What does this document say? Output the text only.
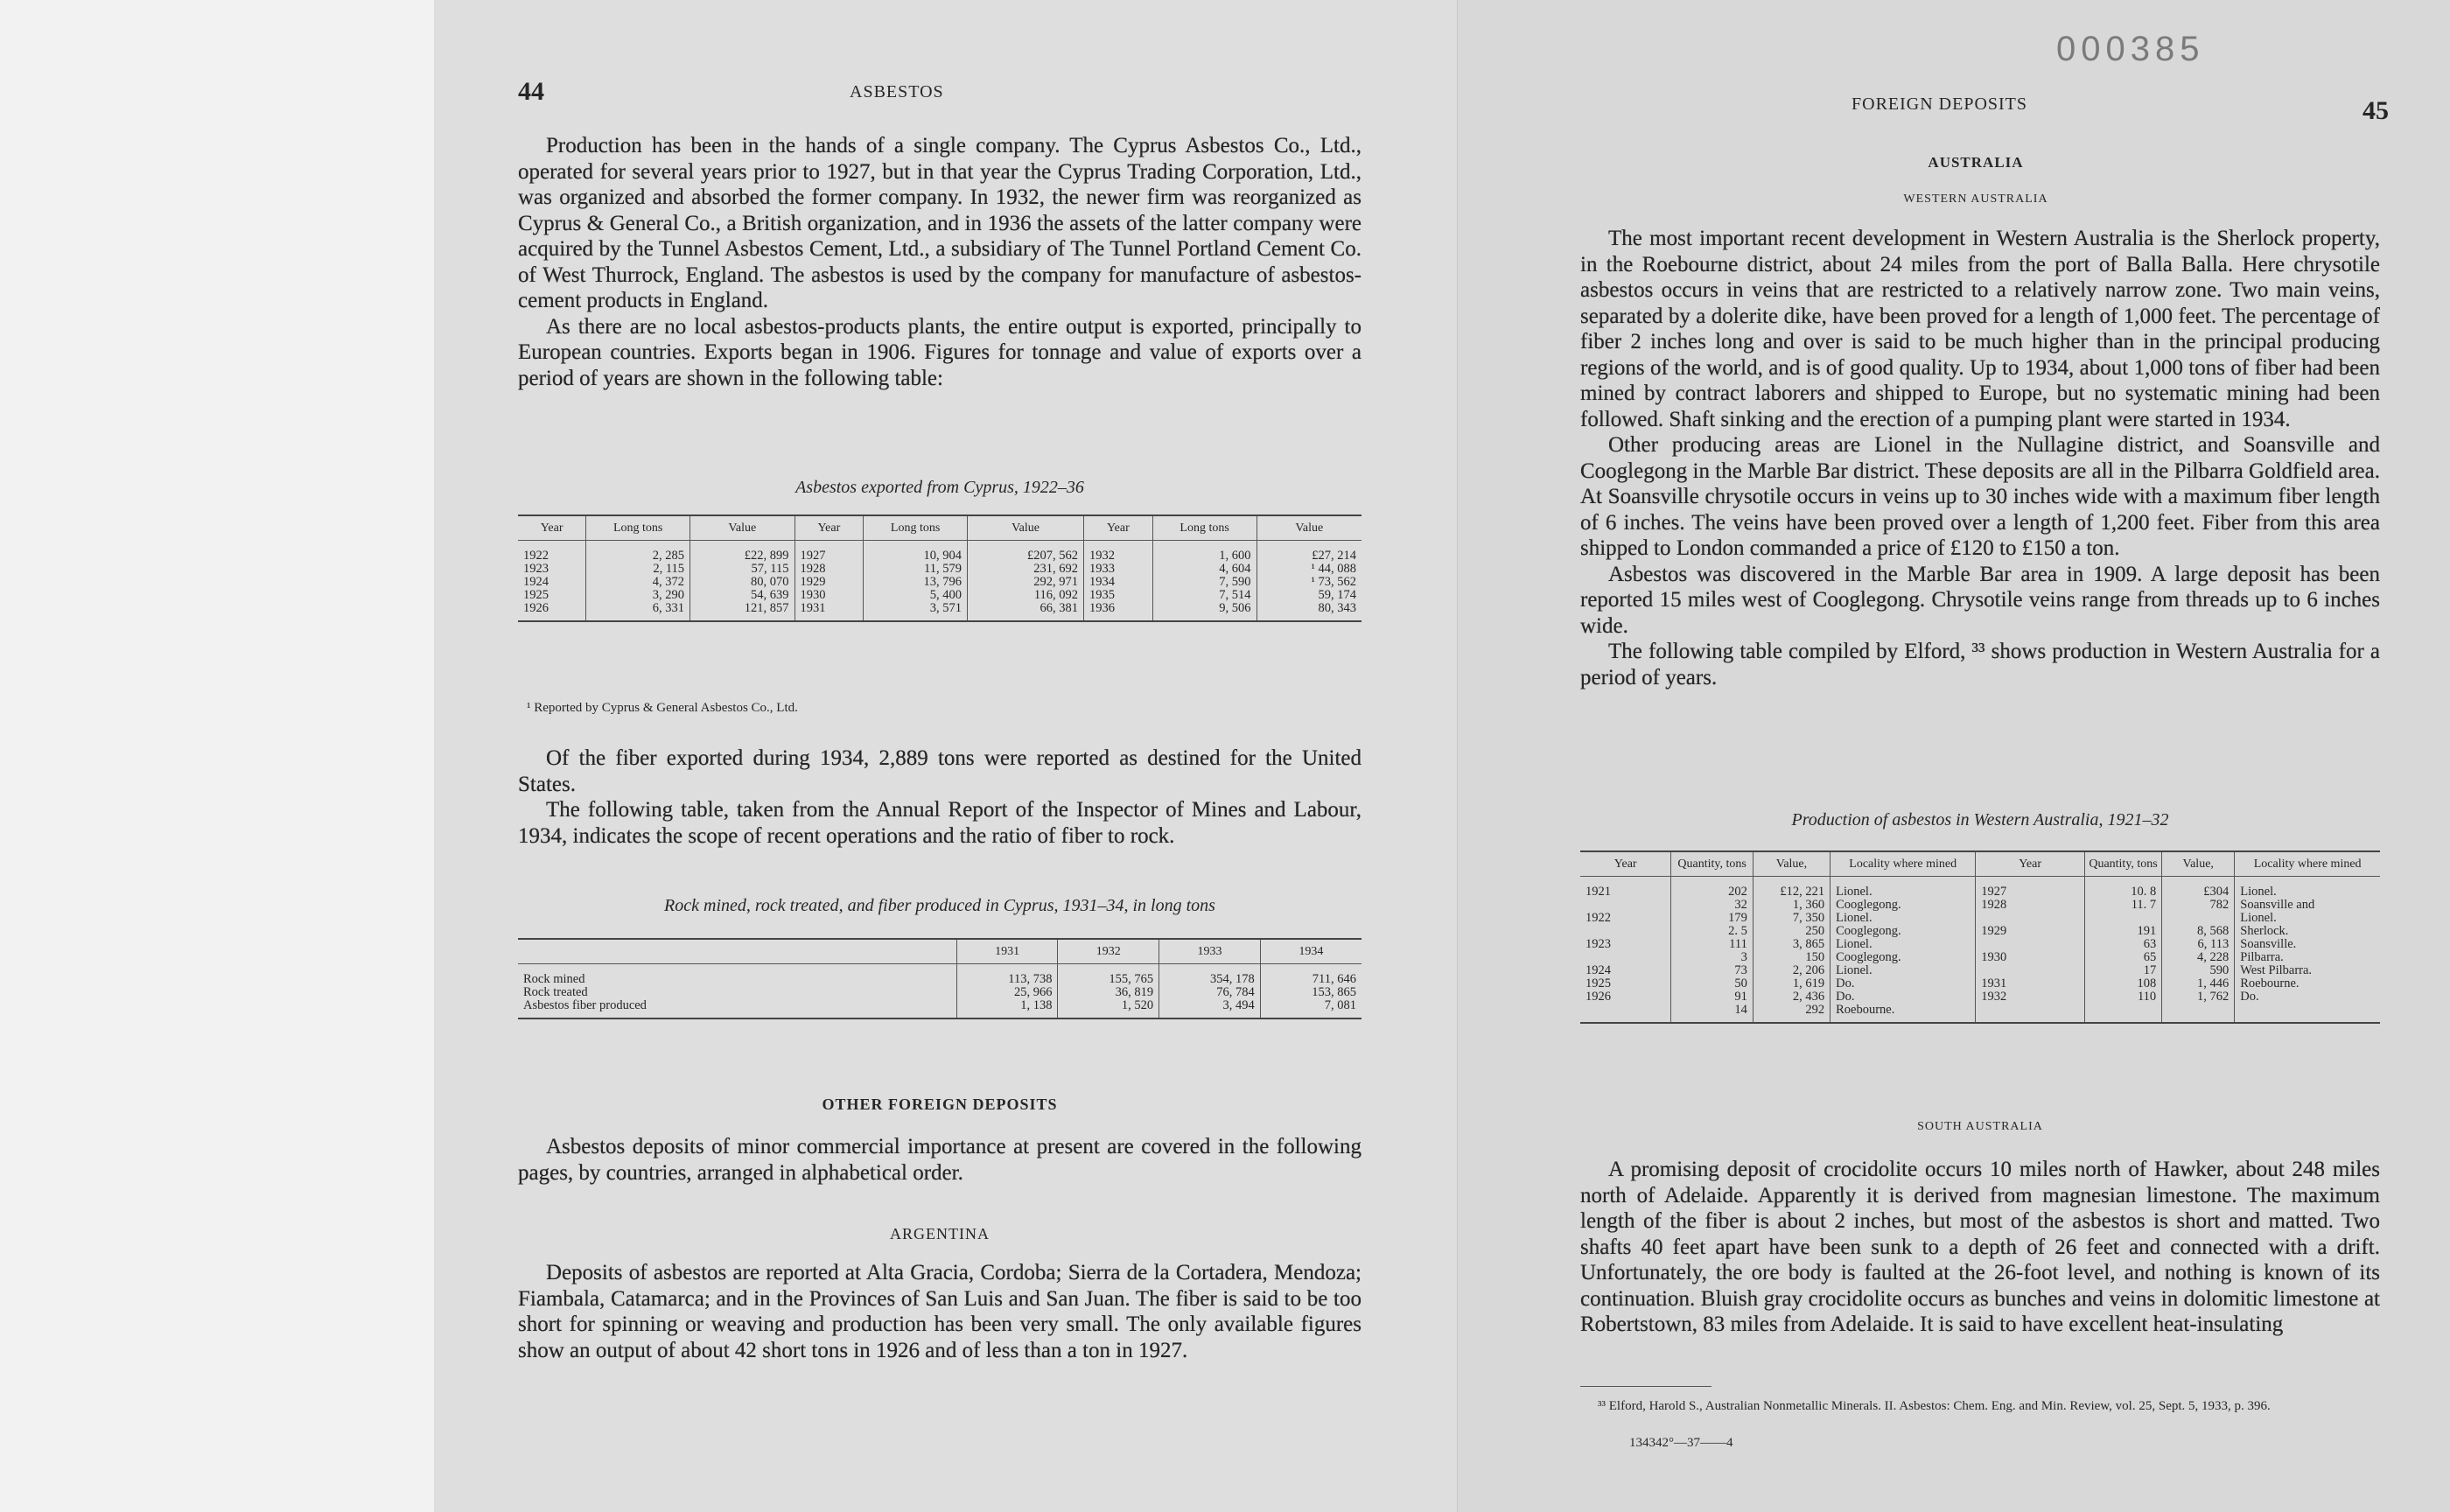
44	ASBESTOS

Production has been in the hands of a single company. The Cyprus Asbestos Co., Ltd., operated for several years prior to 1927, but in that year the Cyprus Trading Corporation, Ltd., was organized and absorbed the former company. In 1932, the newer firm was reorganized as Cyprus & General Co., a British organization, and in 1936 the assets of the latter company were acquired by the Tunnel Asbestos Cement, Ltd., a subsidiary of The Tunnel Portland Cement Co. of West Thurrock, England. The asbestos is used by the company for manufacture of asbestos-cement products in England.

As there are no local asbestos-products plants, the entire output is exported, principally to European countries. Exports began in 1906. Figures for tonnage and value of exports over a period of years are shown in the following table:

Asbestos exported from Cyprus, 1922–36
Year	Long tons	Value	Year	Long tons	Value	Year	Long tons	Value
1922	2, 285	£22, 899	1927	10, 904	£207, 562	1932	1, 600	£27, 214
1923	2, 115	57, 115	1928	11, 579	231, 692	1933	4, 604	¹ 44, 088
1924	4, 372	80, 070	1929	13, 796	292, 971	1934	7, 590	¹ 73, 562
1925	3, 290	54, 639	1930	5, 400	116, 092	1935	7, 514	59, 174
1926	6, 331	121, 857	1931	3, 571	66, 381	1936	9, 506	80, 343
¹ Reported by Cyprus & General Asbestos Co., Ltd.

Of the fiber exported during 1934, 2,889 tons were reported as destined for the United States.

The following table, taken from the Annual Report of the Inspector of Mines and Labour, 1934, indicates the scope of recent operations and the ratio of fiber to rock.

Rock mined, rock treated, and fiber produced in Cyprus, 1931–34, in long tons
	1931	1932	1933	1934
Rock mined	113, 738	155, 765	354, 178	711, 646
Rock treated	25, 966	36, 819	76, 784	153, 865
Asbestos fiber produced	1, 138	1, 520	3, 494	7, 081
OTHER FOREIGN DEPOSITS

Asbestos deposits of minor commercial importance at present are covered in the following pages, by countries, arranged in alphabetical order.

ARGENTINA

Deposits of asbestos are reported at Alta Gracia, Cordoba; Sierra de la Cortadera, Mendoza; Fiambala, Catamarca; and in the Provinces of San Luis and San Juan. The fiber is said to be too short for spinning or weaving and production has been very small. The only available figures show an output of about 42 short tons in 1926 and of less than a ton in 1927.

000385
FOREIGN DEPOSITS	45
AUSTRALIA
WESTERN AUSTRALIA

The most important recent development in Western Australia is the Sherlock property, in the Roebourne district, about 24 miles from the port of Balla Balla. Here chrysotile asbestos occurs in veins that are restricted to a relatively narrow zone. Two main veins, separated by a dolerite dike, have been proved for a length of 1,000 feet. The percentage of fiber 2 inches long and over is said to be much higher than in the principal producing regions of the world, and is of good quality. Up to 1934, about 1,000 tons of fiber had been mined by contract laborers and shipped to Europe, but no systematic mining had been followed. Shaft sinking and the erection of a pumping plant were started in 1934.

Other producing areas are Lionel in the Nullagine district, and Soansville and Cooglegong in the Marble Bar district. These deposits are all in the Pilbarra Goldfield area. At Soansville chrysotile occurs in veins up to 30 inches wide with a maximum fiber length of 6 inches. The veins have been proved over a length of 1,200 feet. Fiber from this area shipped to London commanded a price of £120 to £150 a ton.

Asbestos was discovered in the Marble Bar area in 1909. A large deposit has been reported 15 miles west of Cooglegong. Chrysotile veins range from threads up to 6 inches wide.

The following table compiled by Elford, ³³ shows production in Western Australia for a period of years.

Production of asbestos in Western Australia, 1921–32
Year	Quantity, tons	Value,	Locality where mined	Year	Quantity, tons	Value,	Locality where mined
1921	202	£12, 221	Lionel.	1927	10. 8	£304	Lionel.
	32	1, 360	Cooglegong.	1928	11. 7	782	Soansville and
1922	179	7, 350	Lionel.				Lionel.
	2. 5	250	Cooglegong.	1929	191	8, 568	Sherlock.
1923	111	3, 865	Lionel.		63	6, 113	Soansville.
	3	150	Cooglegong.	1930	65	4, 228	Pilbarra.
1924	73	2, 206	Lionel.		17	590	West Pilbarra.
1925	50	1, 619	Do.	1931	108	1, 446	Roebourne.
1926	91	2, 436	Do.	1932	110	1, 762	Do.
	14	292	Roebourne.				
SOUTH AUSTRALIA

A promising deposit of crocidolite occurs 10 miles north of Hawker, about 248 miles north of Adelaide. Apparently it is derived from magnesian limestone. The maximum length of the fiber is about 2 inches, but most of the asbestos is short and matted. Two shafts 40 feet apart have been sunk to a depth of 26 feet and connected with a drift. Unfortunately, the ore body is faulted at the 26-foot level, and nothing is known of its continuation. Bluish gray crocidolite occurs as bunches and veins in dolomitic limestone at Robertstown, 83 miles from Adelaide. It is said to have excellent heat-insulating

³³ Elford, Harold S., Australian Nonmetallic Minerals. II. Asbestos: Chem. Eng. and Min. Review, vol. 25, Sept. 5, 1933, p. 396.
134342°—37——4
